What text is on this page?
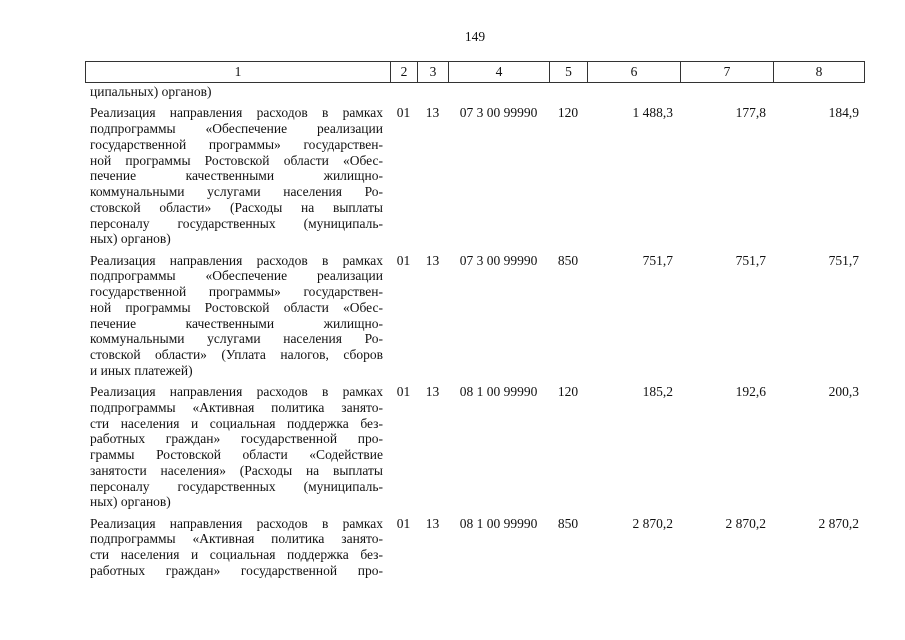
149
1	2	3	4	5	6	7	8
ципальных) органов)
Реализация направления расходов в рамках
подпрограммы «Обеспечение реализации
государственной программы» государствен-
ной программы Ростовской области «Обес-
печение качественными жилищно-
коммунальными услугами населения Ро-
стовской области» (Расходы на выплаты
персоналу государственных (муниципаль-
ных) органов)
01	13	07 3 00 99990	120	1 488,3	177,8	184,9
Реализация направления расходов в рамках
подпрограммы «Обеспечение реализации
государственной программы» государствен-
ной программы Ростовской области «Обес-
печение качественными жилищно-
коммунальными услугами населения Ро-
стовской области» (Уплата налогов, сборов
и иных платежей)
01	13	07 3 00 99990	850	751,7	751,7	751,7
Реализация направления расходов в рамках
подпрограммы «Активная политика занято-
сти населения и социальная поддержка без-
работных граждан» государственной про-
граммы Ростовской области «Содействие
занятости населения» (Расходы на выплаты
персоналу государственных (муниципаль-
ных) органов)
01	13	08 1 00 99990	120	185,2	192,6	200,3
Реализация направления расходов в рамках
подпрограммы «Активная политика занято-
сти населения и социальная поддержка без-
работных граждан» государственной про-
01	13	08 1 00 99990	850	2 870,2	2 870,2	2 870,2
